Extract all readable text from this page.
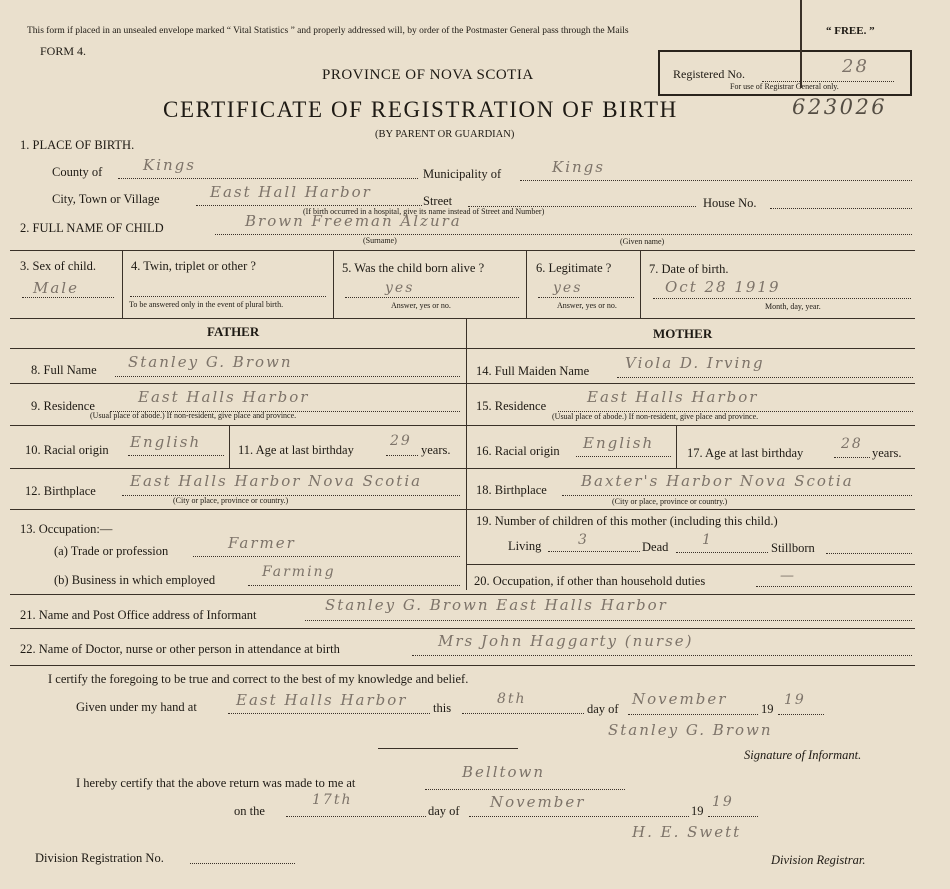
This form if placed in an unsealed envelope marked “ Vital Statistics ” and properly addressed will, by order of the Postmaster General pass through the Mails	“ FREE. ”
FORM 4.
PROVINCE OF NOVA SCOTIA
CERTIFICATE OF REGISTRATION OF BIRTH
(BY PARENT OR GUARDIAN)
Registered No.
For use of Registrar General only.
28
623026
1. PLACE OF BIRTH.
County of	Kings	Municipality of	Kings
City, Town or Village	East Hall Harbor	Street
(If birth occurred in a hospital, give its name instead of Street and Number)
House No.
2. FULL NAME OF CHILD	Brown Freeman Alzura
(Surname)	(Given name)
3. Sex of child.
Male
4. Twin, triplet or other ?
To be answered only in the event of plural birth.
5. Was the child born alive ?
yes
Answer, yes or no.
6. Legitimate ?
yes
Answer, yes or no.
7. Date of birth.
Oct 28 1919
Month, day, year.
FATHER	MOTHER
8. Full Name Stanley G. Brown
9. Residence	East Halls Harbor
(Usual place of abode.) If non-resident, give place and province.
10. Racial origin English	11. Age at last birthday
29
years.
12. Birthplace
East Halls Harbor Nova Scotia
(City or place, province or country.)
13. Occupation:—
(a) Trade or profession	Farmer
(b) Business in which employed	Farming
14. Full Maiden Name Viola D. Irving
15. Residence	East Halls Harbor
(Usual place of abode.) If non-resident, give place and province.
16. Racial origin English
17. Age at last birthday
28
years.
18. Birthplace Baxter's Harbor Nova Scotia
(City or place, province or country.)
19. Number of children of this mother (including this child.)
Living	3	Dead 1	Stillborn
20. Occupation, if other than household duties	—
21. Name and Post Office address of Informant
Stanley G. Brown East Halls Harbor
22. Name of Doctor, nurse or other person in attendance at birth	Mrs John Haggarty (nurse)
I certify the foregoing to be true and correct to the best of my knowledge and belief.
Given under my hand at	East Halls Harbor this
8th
day of
November
19
19
Stanley G. Brown
Signature of Informant.
I hereby certify that the above return was made to me at
Belltown
on the
17th
day of November	19
19
Division Registration No.
H. E. Swett
Division Registrar.
